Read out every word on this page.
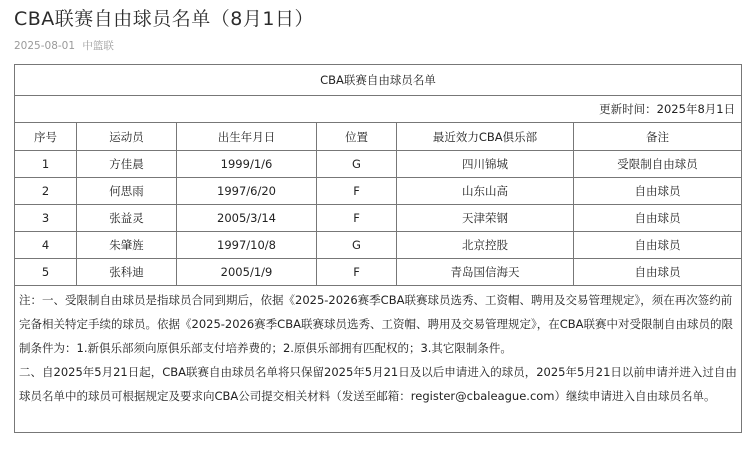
CBA联赛自由球员名单（8月1日）
2025-08-01 中篮联
CBA联赛自由球员名单					
更新时间：2025年8月1日					
序号	运动员	出生年月日	位置	最近效力CBA俱乐部	备注
1	方佳晨	1999/1/6	G	四川锦城	受限制自由球员
2	何思雨	1997/6/20	F	山东山高	自由球员
3	张益灵	2005/3/14	F	天津荣钢	自由球员
4	朱肇旌	1997/10/8	G	北京控股	自由球员
5	张科迪	2005/1/9	F	青岛国信海天	自由球员

注：一、受限制自由球员是指球员合同到期后，依据《2025-2026赛季CBA联赛球员选秀、工资帽、聘用及交易管理规定》，须在再次签约前完备相关特定手续的球员。依据《2025-2026赛季CBA联赛球员选秀、工资帽、聘用及交易管理规定》，在CBA联赛中对受限制自由球员的限制条件为：1.新俱乐部须向原俱乐部支付培养费的；2.原俱乐部拥有匹配权的；3.其它限制条件。

二、自2025年5月21日起，CBA联赛自由球员名单将只保留2025年5月21日及以后申请进入的球员，2025年5月21日以前申请并进入过自由球员名单中的球员可根据规定及要求向CBA公司提交相关材料（发送至邮箱：register@cbaleague.com）继续申请进入自由球员名单。					
